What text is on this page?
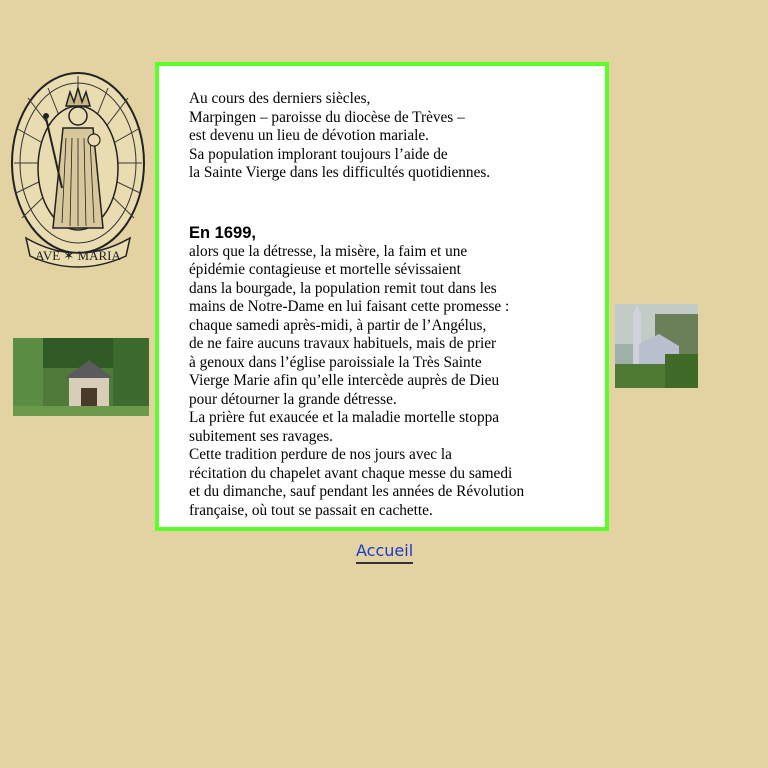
AVE ✶ MARIA
Au cours des derniers siècles,
Marpingen – paroisse du diocèse de Trèves –
est devenu un lieu de dévotion mariale.
Sa population implorant toujours l’aide de
la Sainte Vierge dans les difficultés quotidiennes.
En 1699,
alors que la détresse, la misère, la faim et une
épidémie contagieuse et mortelle sévissaient
dans la bourgade, la population remit tout dans les
mains de Notre-Dame en lui faisant cette promesse :
chaque samedi après-midi, à partir de l’Angélus,
de ne faire aucuns travaux habituels, mais de prier
à genoux dans l’église paroissiale la Très Sainte
Vierge Marie afin qu’elle intercède auprès de Dieu
pour détourner la grande détresse.
La prière fut exaucée et la maladie mortelle stoppa
subitement ses ravages.
Cette tradition perdure de nos jours avec la
récitation du chapelet avant chaque messe du samedi
et du dimanche, sauf pendant les années de Révolution
française, où tout se passait en cachette.
Accueil
